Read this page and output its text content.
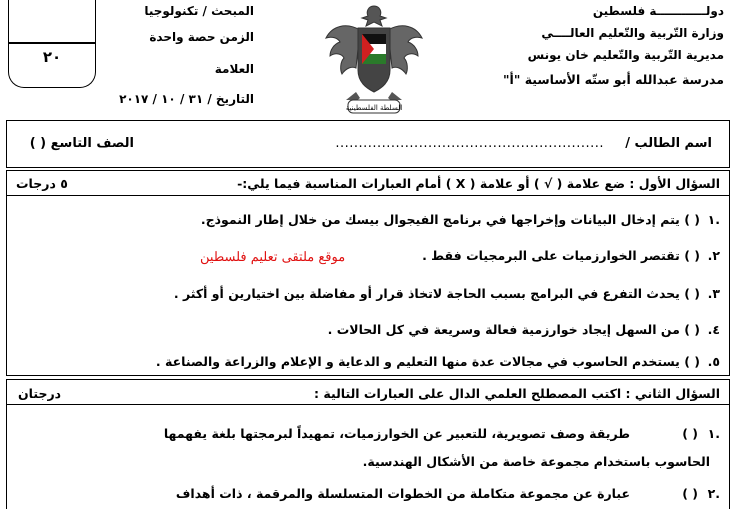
دولــــــــــــة فلسطين
وزارة التّربية والتّعليم العالــــي
مديرية التّربية والتّعليم خان يونس
مدرسة عبدالله أبو ستّه الأساسية "أ"
السلطة الفلسطينية
المبحث / تكنولوجيا
الزمن حصة واحدة
العلامة
التاريخ / ٣١ / ١٠ / ٢٠١٧
٢٠
اسم الطالب /
..........................................................
الصف التاسع ( )
السؤال الأول : ضع علامة ( √ ) أو علامة ( X ) أمام العبارات المناسبة فيما يلي:-
٥ درجات
.١
( ) يتم إدخال البيانات وإخراجها في برنامج الفيجوال بيسك من خلال إطار النموذج.
٢.
( ) تقتصر الخوارزميات على البرمجيات فقط .
موقع ملتقى تعليم فلسطين
٣.
( ) يحدث التفرع في البرامج بسبب الحاجة لاتخاذ قرار أو مفاضلة بين اختيارين أو أكثر .
٤.
( ) من السهل إيجاد خوارزمية فعالة وسريعة في كل الحالات .
٥.
( ) يستخدم الحاسوب في مجالات عدة منها التعليم و الدعاية و الإعلام والزراعة والصناعة .
السؤال الثاني : اكتب المصطلح العلمي الدال على العبارات التالية :
درجتان
.١
( )
طريقة وصف تصويرية، للتعبير عن الخوارزميات، تمهيداً لبرمجتها بلغة يفهمها
الحاسوب باستخدام مجموعة خاصة من الأشكال الهندسية.
.٢
( )
عبارة عن مجموعة متكاملة من الخطوات المتسلسلة والمرقمة ، ذات أهداف
